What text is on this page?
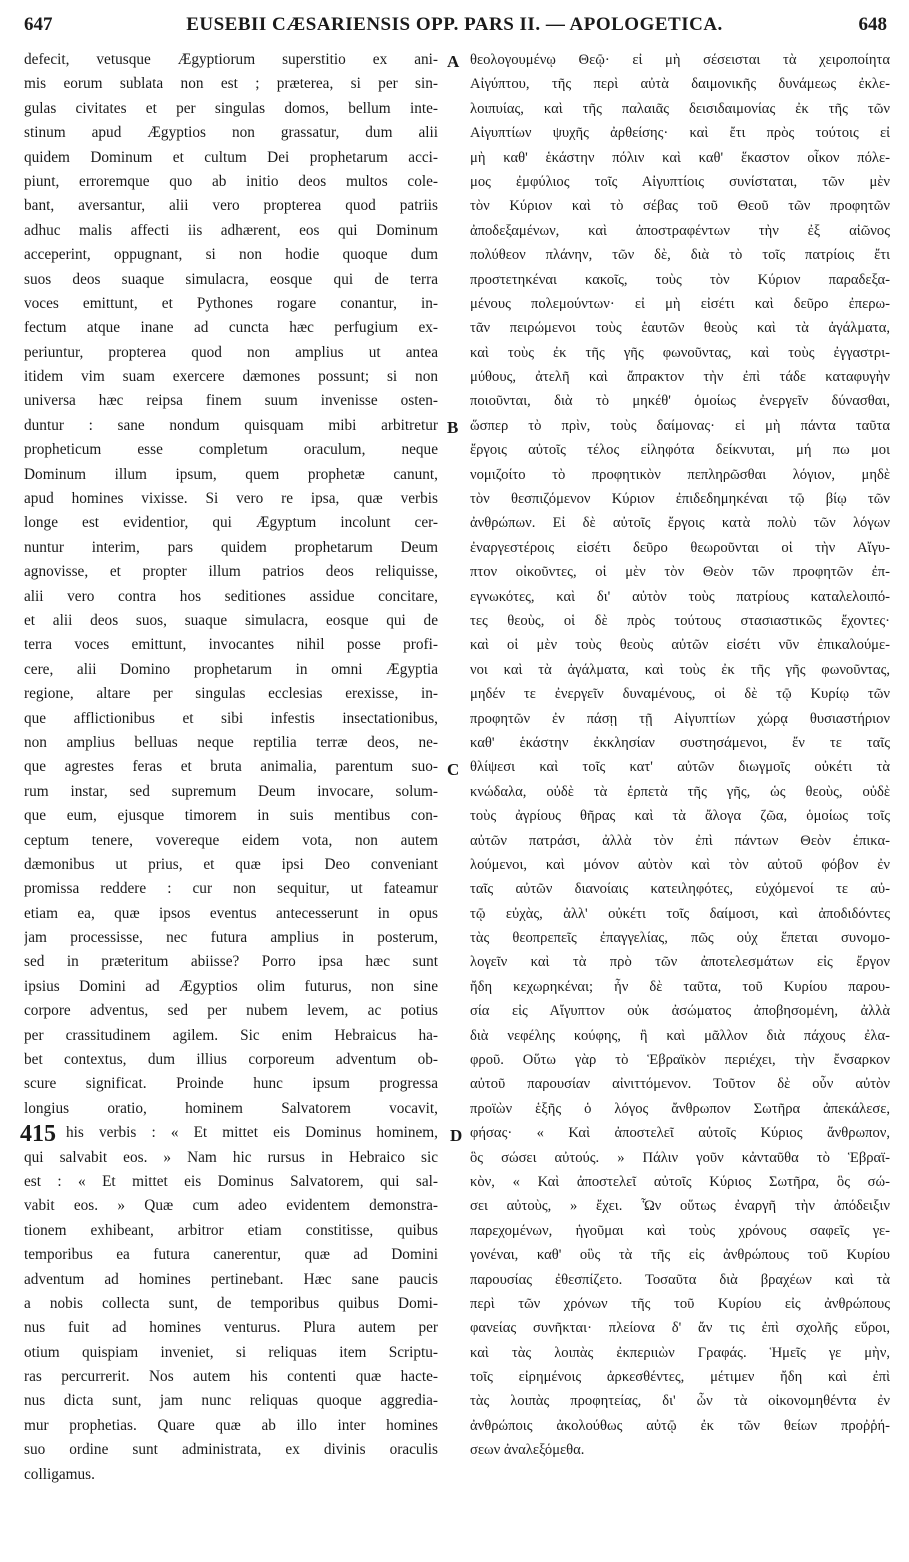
647	EUSEBII CÆSARIENSIS OPP. PARS II. — APOLOGETICA.	648
defecit, vetusque Ægyptiorum superstitio ex ani-
mis eorum sublata non est ; præterea, si per sin-
gulas civitates et per singulas domos, bellum inte-
stinum apud Ægyptios non grassatur, dum alii
quidem Dominum et cultum Dei prophetarum acci-
piunt, erroremque quo ab initio deos multos cole-
bant, aversantur, alii vero propterea quod patriis
adhuc malis affecti iis adhærent, eos qui Dominum
acceperint, oppugnant, si non hodie quoque dum
suos deos suaque simulacra, eosque qui de terra
voces emittunt, et Pythones rogare conantur, in-
fectum atque inane ad cuncta hæc perfugium ex-
periuntur, propterea quod non amplius ut antea
itidem vim suam exercere dæmones possunt; si non
universa hæc reipsa finem suum invenisse osten-
duntur : sane nondum quisquam mibi arbitretur
propheticum esse completum oraculum, neque
Dominum illum ipsum, quem prophetæ canunt,
apud homines vixisse. Si vero re ipsa, quæ verbis
longe est evidentior, qui Ægyptum incolunt cer-
nuntur interim, pars quidem prophetarum Deum
agnovisse, et propter illum patrios deos reliquisse,
alii vero contra hos seditiones assidue concitare,
et alii deos suos, suaque simulacra, eosque qui de
terra voces emittunt, invocantes nihil posse profi-
cere, alii Domino prophetarum in omni Ægyptia
regione, altare per singulas ecclesias erexisse, in-
que afflictionibus et sibi infestis insectationibus,
non amplius belluas neque reptilia terræ deos, ne-
que agrestes feras et bruta animalia, parentum suo-
rum instar, sed supremum Deum invocare, solum-
que eum, ejusque timorem in suis mentibus con-
ceptum tenere, vovereque eidem vota, non autem
dæmonibus ut prius, et quæ ipsi Deo conveniant
promissa reddere : cur non sequitur, ut fateamur
etiam ea, quæ ipsos eventus antecesserunt in opus
jam processisse, nec futura amplius in posterum,
sed in præteritum abiisse? Porro ipsa hæc sunt
ipsius Domini ad Ægyptios olim futurus, non sine
corpore adventus, sed per nubem levem, ac potius
per crassitudinem agilem. Sic enim Hebraicus ha-
bet contextus, dum illius corporeum adventum ob-
scure significat. Proinde hunc ipsum progressa
longius oratio, hominem Salvatorem vocavit,
his verbis : « Et mittet eis Dominus hominem,
qui salvabit eos. » Nam hic rursus in Hebraico sic
est : « Et mittet eis Dominus Salvatorem, qui sal-
vabit eos. » Quæ cum adeo evidentem demonstra-
tionem exhibeant, arbitror etiam constitisse, quibus
temporibus ea futura canerentur, quæ ad Domini
adventum ad homines pertinebant. Hæc sane paucis
a nobis collecta sunt, de temporibus quibus Domi-
nus fuit ad homines venturus. Plura autem per
otium quispiam inveniet, si reliquas item Scriptu-
ras percurrerit. Nos autem his contenti quæ hacte-
nus dicta sunt, jam nunc reliquas quoque aggredia-
mur prophetias. Quare quæ ab illo inter homines
suo ordine sunt administrata, ex divinis oraculis
colligamus.
θεολογουμένῳ Θεῷ· εἰ μὴ σέσεισται τὰ χειροποίητα
Αἰγύπτου, τῆς περὶ αὐτὰ δαιμονικῆς δυνάμεως ἐκλε-
λοιπυίας, καὶ τῆς παλαιᾶς δεισιδαιμονίας ἐκ τῆς τῶν
Αἰγυπτίων ψυχῆς ἀρθείσης· καὶ ἔτι πρὸς τούτοις εἰ
μὴ καθ' ἑκάστην πόλιν καὶ καθ' ἕκαστον οἶκον πόλε-
μος ἐμφύλιος τοῖς Αἰγυπτίοις συνίσταται, τῶν μὲν
τὸν Κύριον καὶ τὸ σέβας τοῦ Θεοῦ τῶν προφητῶν
ἀποδεξαμένων, καὶ ἀποστραφέντων τὴν ἐξ αἰῶνος
πολύθεον πλάνην, τῶν δὲ, διὰ τὸ τοῖς πατρίοις ἔτι
προστετηκέναι κακοῖς, τοὺς τὸν Κύριον παραδεξα-
μένους πολεμούντων· εἰ μὴ εἰσέτι καὶ δεῦρο ἐπερω-
τᾶν πειρώμενοι τοὺς ἑαυτῶν θεοὺς καὶ τὰ ἀγάλματα,
καὶ τοὺς ἐκ τῆς γῆς φωνοῦντας, καὶ τοὺς ἐγγαστρι-
μύθους, ἀτελῆ καὶ ἄπρακτον τὴν ἐπὶ τάδε καταφυγὴν
ποιοῦνται, διὰ τὸ μηκέθ' ὁμοίως ἐνεργεῖν δύνασθαι,
ὥσπερ τὸ πρὶν, τοὺς δαίμονας· εἰ μὴ πάντα ταῦτα
ἔργοις αὐτοῖς τέλος εἰληφότα δείκνυται, μή πω μοι
νομιζοίτο τὸ προφητικὸν πεπληρῶσθαι λόγιον, μηδὲ
τὸν θεσπιζόμενον Κύριον ἐπιδεδημηκέναι τῷ βίῳ τῶν
ἀνθρώπων. Εἰ δὲ αὐτοῖς ἔργοις κατὰ πολὺ τῶν λόγων
ἐναργεστέροις εἰσέτι δεῦρο θεωροῦνται οἱ τὴν Αἴγυ-
πτον οἰκοῦντες, οἱ μὲν τὸν Θεὸν τῶν προφητῶν ἐπ-
εγνωκότες, καὶ δι' αὐτὸν τοὺς πατρίους καταλελοιπό-
τες θεοὺς, οἱ δὲ πρὸς τούτους στασιαστικῶς ἔχοντες·
καὶ οἱ μὲν τοὺς θεοὺς αὐτῶν εἰσέτι νῦν ἐπικαλούμε-
νοι καὶ τὰ ἀγάλματα, καὶ τοὺς ἐκ τῆς γῆς φωνοῦντας,
μηδέν τε ἐνεργεῖν δυναμένους, οἱ δὲ τῷ Κυρίῳ τῶν
προφητῶν ἐν πάσῃ τῇ Αἰγυπτίων χώρᾳ θυσιαστήριον
καθ' ἑκάστην ἐκκλησίαν συστησάμενοι, ἔν τε ταῖς
θλίψεσι καὶ τοῖς κατ' αὐτῶν διωγμοῖς οὐκέτι τὰ
κνώδαλα, οὐδὲ τὰ ἑρπετὰ τῆς γῆς, ὡς θεοὺς, οὐδὲ
τοὺς ἀγρίους θῆρας καὶ τὰ ἄλογα ζῶα, ὁμοίως τοῖς
αὐτῶν πατράσι, ἀλλὰ τὸν ἐπὶ πάντων Θεὸν ἐπικα-
λούμενοι, καὶ μόνον αὐτὸν καὶ τὸν αὐτοῦ φόβον ἐν
ταῖς αὐτῶν διανοίαις κατειληφότες, εὐχόμενοί τε αὐ-
τῷ εὐχὰς, ἀλλ' οὐκέτι τοῖς δαίμοσι, καὶ ἀποδιδόντες
τὰς θεοπρεπεῖς ἐπαγγελίας, πῶς οὐχ ἕπεται συνομο-
λογεῖν καὶ τὰ πρὸ τῶν ἀποτελεσμάτων εἰς ἔργον
ἤδη κεχωρηκέναι; ἦν δὲ ταῦτα, τοῦ Κυρίου παρου-
σία εἰς Αἴγυπτον οὐκ ἀσώματος ἀποβησομένη, ἀλλὰ
διὰ νεφέλης κούφης, ἢ καὶ μᾶλλον διὰ πάχους ἐλα-
φροῦ. Οὕτω γὰρ τὸ Ἑβραϊκὸν περιέχει, τὴν ἔνσαρκον
αὐτοῦ παρουσίαν αἰνιττόμενον. Τοῦτον δὲ οὖν αὐτὸν
προϊὼν ἑξῆς ὁ λόγος ἄνθρωπον Σωτῆρα ἀπεκάλεσε,
φήσας· « Καὶ ἀποστελεῖ αὐτοῖς Κύριος ἄνθρωπον,
ὃς σώσει αὐτούς. » Πάλιν γοῦν κἀνταῦθα τὸ Ἑβραϊ-
κὸν, « Καὶ ἀποστελεῖ αὐτοῖς Κύριος Σωτῆρα, ὃς σώ-
σει αὐτοὺς, » ἔχει. Ὧν οὕτως ἐναργῆ τὴν ἀπόδειξιν
παρεχομένων, ἡγοῦμαι καὶ τοὺς χρόνους σαφεῖς γε-
γονέναι, καθ' οὓς τὰ τῆς εἰς ἀνθρώπους τοῦ Κυρίου
παρουσίας ἐθεσπίζετο. Τοσαῦτα διὰ βραχέων καὶ τὰ
περὶ τῶν χρόνων τῆς τοῦ Κυρίου εἰς ἀνθρώπους
φανείας συνῆκται· πλείονα δ' ἄν τις ἐπὶ σχολῆς εὕροι,
καὶ τὰς λοιπὰς ἐκπεριιὼν Γραφάς. Ἡμεῖς γε μὴν,
τοῖς εἰρημένοις ἀρκεσθέντες, μέτιμεν ἤδη καὶ ἐπὶ
τὰς λοιπὰς προφητείας, δι' ὧν τὰ οἰκονομηθέντα ἐν
ἀνθρώποις ἀκολούθως αὐτῷ ἐκ τῶν θείων προῤῥή-
σεων ἀναλεξόμεθα.
A
B
C
D
415
